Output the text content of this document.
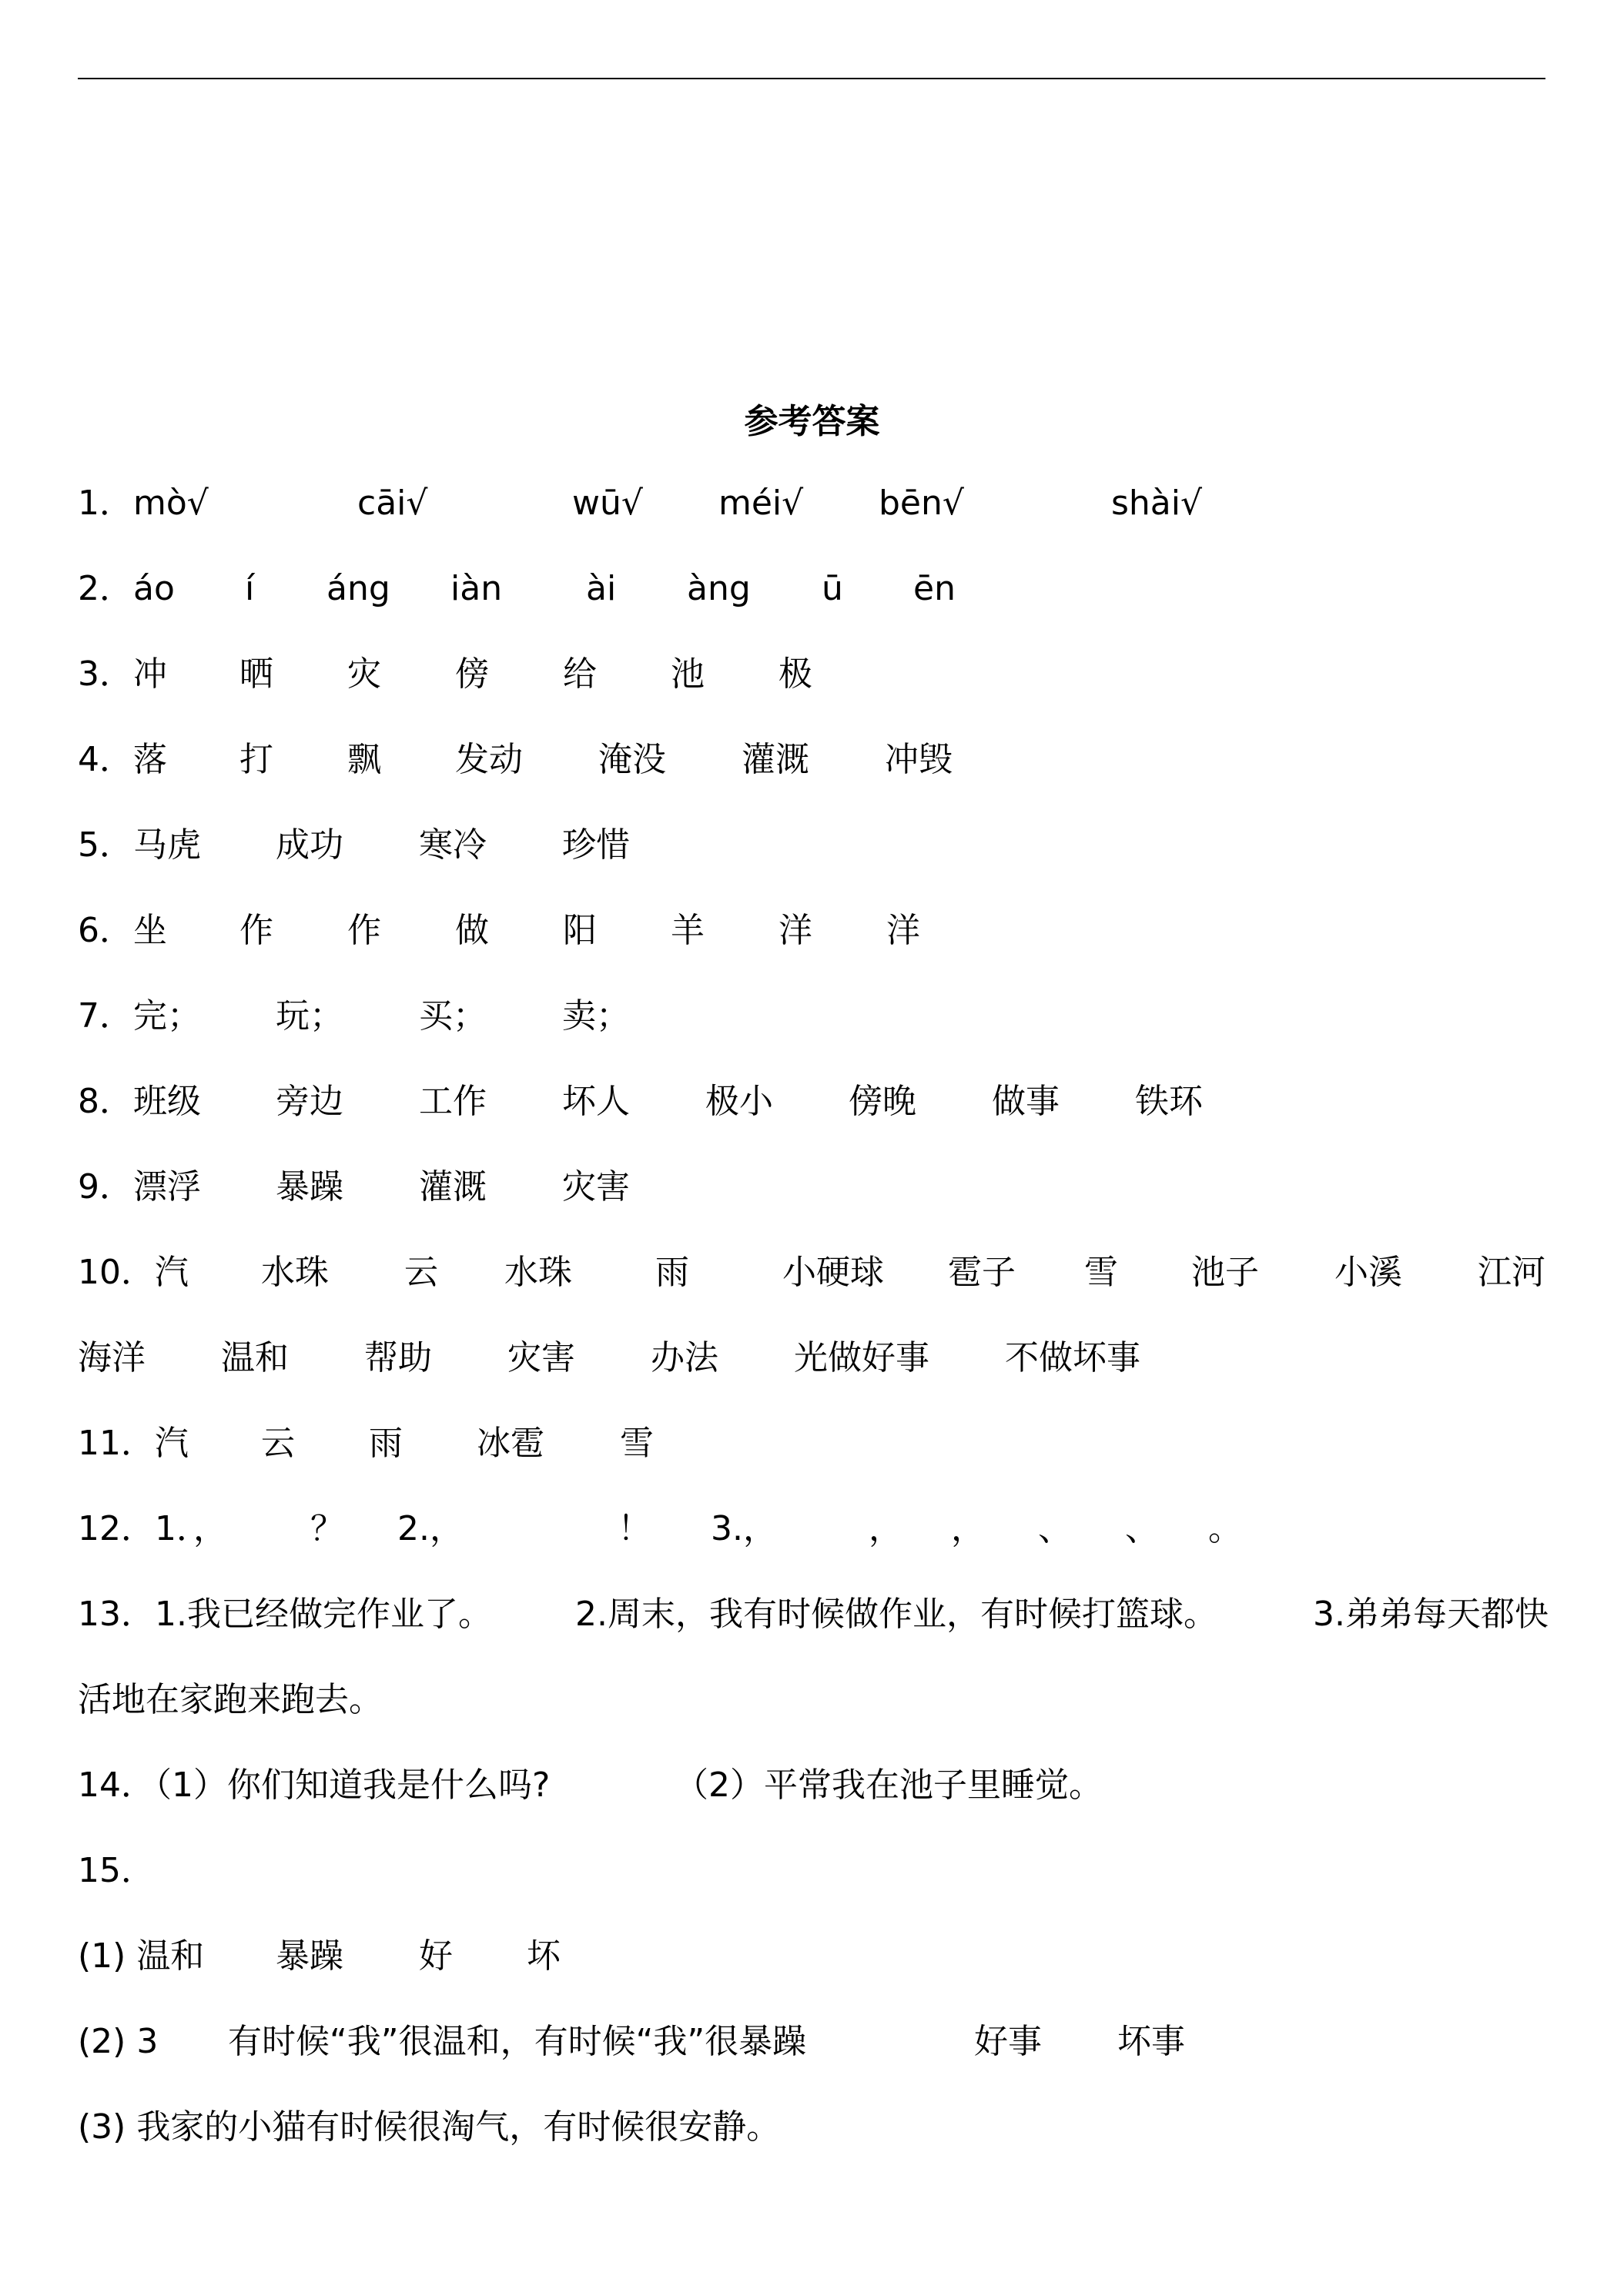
参考答案
1．mò√	cāi√	wū√ méi√ bēn√	shài√
2．áo í áng iàn ài àng ū ēn
3．冲 晒 灾 傍 给 池 极
4．落 打 飘 发动 淹没 灌溉 冲毁
5．马虎 成功 寒冷 珍惜
6．坐 作 作 做 阳 羊 洋 洋
7．完； 玩； 买； 卖；
8．班级 旁边 工作 坏人 极小 傍晚 做事 铁环
9．漂浮 暴躁 灌溉 灾害
10．汽 水珠 云 水珠 雨	小硬球 雹子 雪 池子 小溪 江河
海洋 温和 帮助 灾害 办法 光做好事 不做坏事
11．汽 云 雨 冰雹 雪
12．1．， ？ 2.，	！ 3.，	， ， 、 、 。
13．1.我已经做完作业了。 2.周末，我有时候做作业，有时候打篮球。	3.弟弟每天都快
活地在家跑来跑去。
14．（1）你们知道我是什么吗?	（2）平常我在池子里睡觉。
15．
(1) 温和 暴躁 好 坏
(2) 3 有时候“我”很温和，有时候“我”很暴躁	好事 坏事
(3) 我家的小猫有时候很淘气，有时候很安静。
